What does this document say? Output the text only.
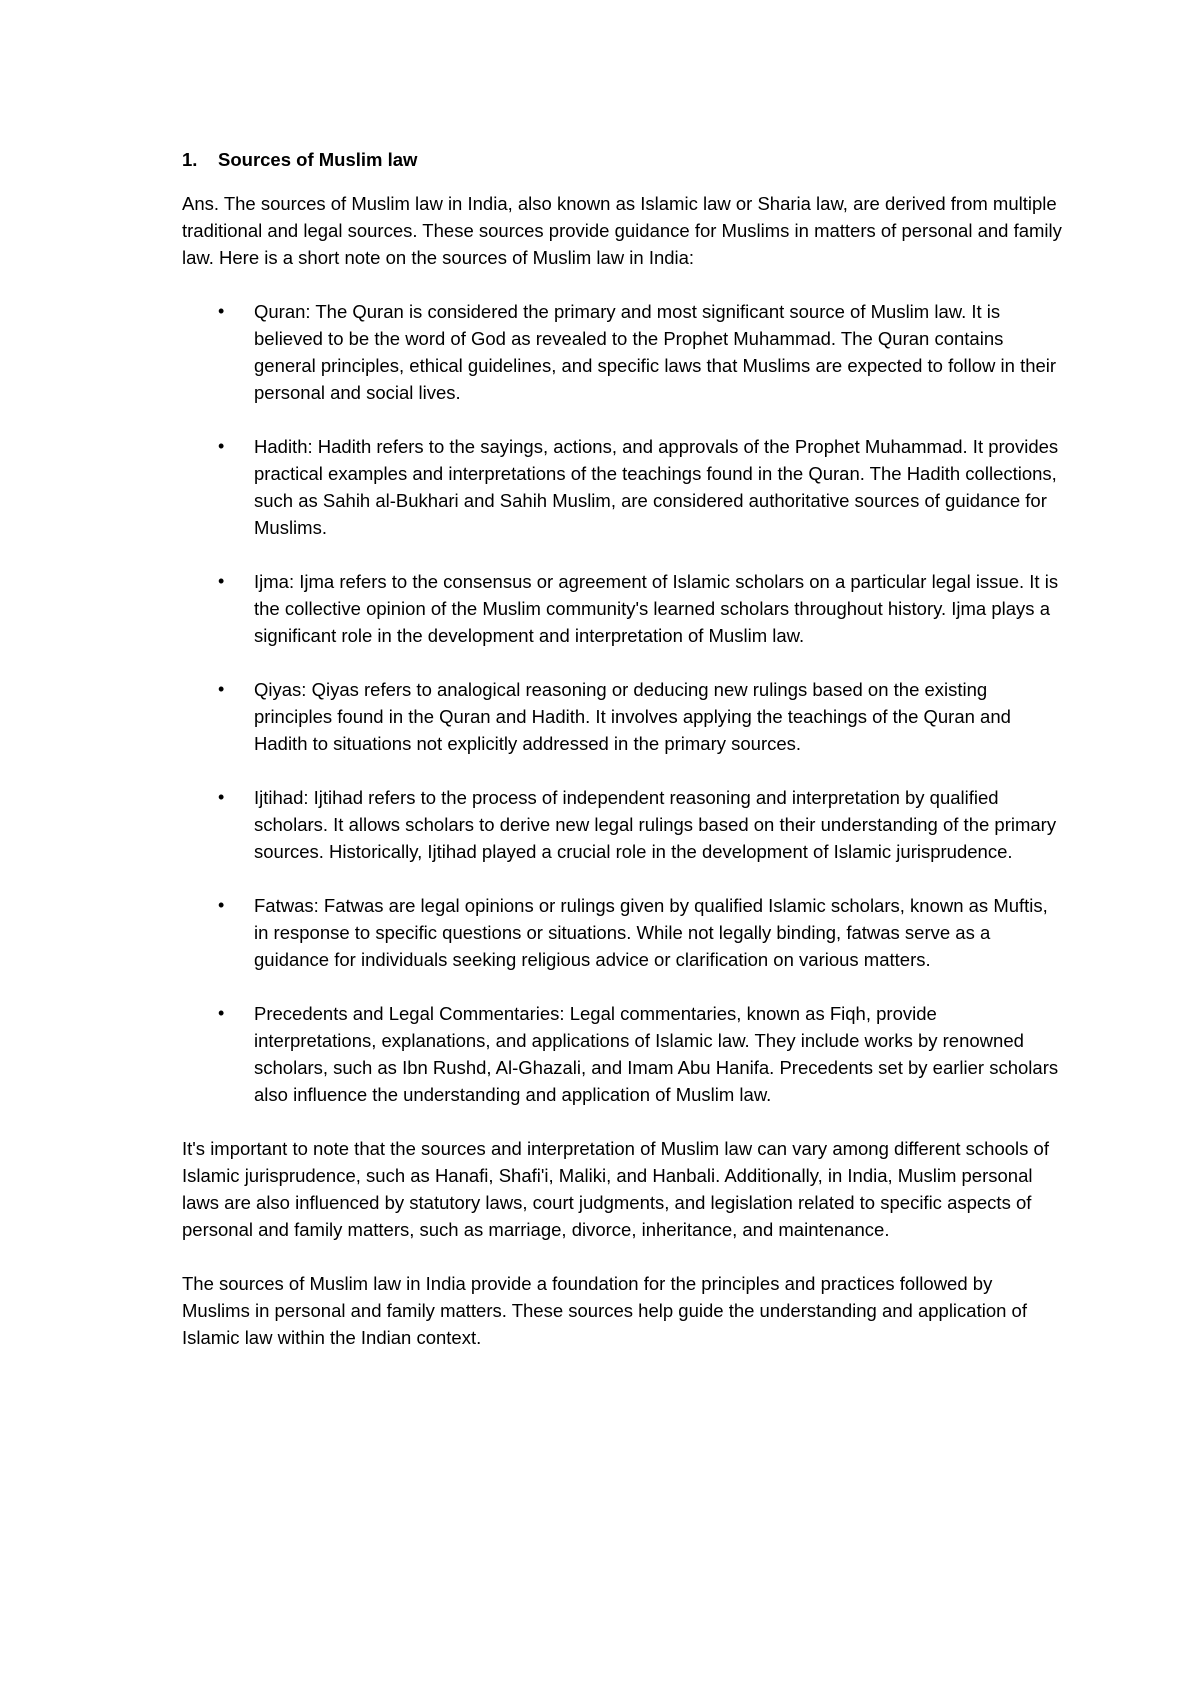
1.	Sources of Muslim law

Ans. The sources of Muslim law in India, also known as Islamic law or Sharia law, are derived from multiple traditional and legal sources. These sources provide guidance for Muslims in matters of personal and family law. Here is a short note on the sources of Muslim law in India:

•	Quran: The Quran is considered the primary and most significant source of Muslim law. It is believed to be the word of God as revealed to the Prophet Muhammad. The Quran contains general principles, ethical guidelines, and specific laws that Muslims are expected to follow in their personal and social lives.
•	Hadith: Hadith refers to the sayings, actions, and approvals of the Prophet Muhammad. It provides practical examples and interpretations of the teachings found in the Quran. The Hadith collections, such as Sahih al-Bukhari and Sahih Muslim, are considered authoritative sources of guidance for Muslims.
•	Ijma: Ijma refers to the consensus or agreement of Islamic scholars on a particular legal issue. It is the collective opinion of the Muslim community's learned scholars throughout history. Ijma plays a significant role in the development and interpretation of Muslim law.
•	Qiyas: Qiyas refers to analogical reasoning or deducing new rulings based on the existing principles found in the Quran and Hadith. It involves applying the teachings of the Quran and Hadith to situations not explicitly addressed in the primary sources.
•	Ijtihad: Ijtihad refers to the process of independent reasoning and interpretation by qualified scholars. It allows scholars to derive new legal rulings based on their understanding of the primary sources. Historically, Ijtihad played a crucial role in the development of Islamic jurisprudence.
•	Fatwas: Fatwas are legal opinions or rulings given by qualified Islamic scholars, known as Muftis, in response to specific questions or situations. While not legally binding, fatwas serve as a guidance for individuals seeking religious advice or clarification on various matters.
•	Precedents and Legal Commentaries: Legal commentaries, known as Fiqh, provide interpretations, explanations, and applications of Islamic law. They include works by renowned scholars, such as Ibn Rushd, Al-Ghazali, and Imam Abu Hanifa. Precedents set by earlier scholars also influence the understanding and application of Muslim law.

It's important to note that the sources and interpretation of Muslim law can vary among different schools of Islamic jurisprudence, such as Hanafi, Shafi'i, Maliki, and Hanbali. Additionally, in India, Muslim personal laws are also influenced by statutory laws, court judgments, and legislation related to specific aspects of personal and family matters, such as marriage, divorce, inheritance, and maintenance.

The sources of Muslim law in India provide a foundation for the principles and practices followed by Muslims in personal and family matters. These sources help guide the understanding and application of Islamic law within the Indian context.
